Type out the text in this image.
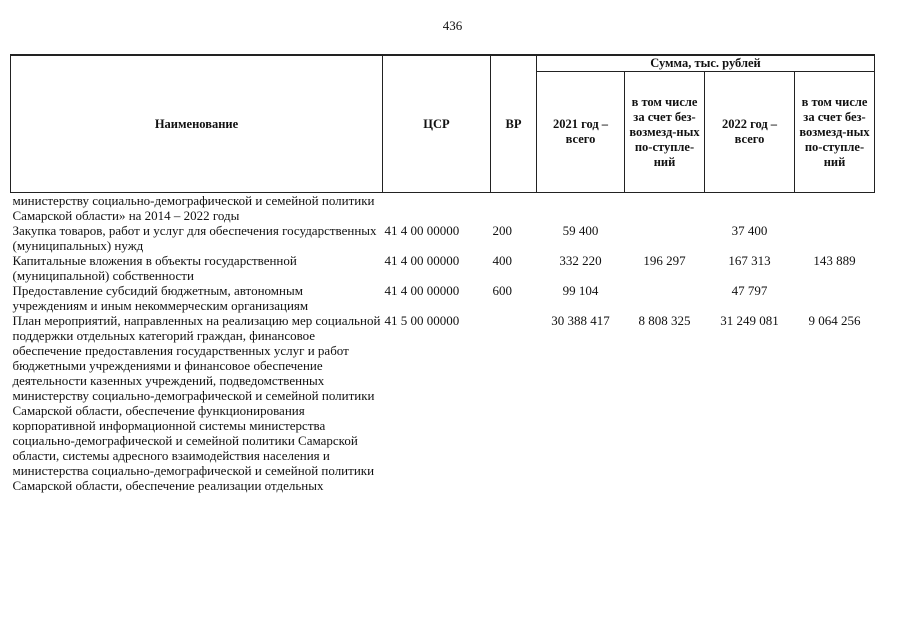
436
Наименование	ЦСР	ВР	Сумма, тыс. рублей			
			2021 год – всего	в том числе за счет без-возмезд-ных по-ступле-ний	2022 год – всего	в том числе за счет без-возмезд-ных по-ступле-ний
министерству социально-демографической и семейной политики Самарской области» на 2014 – 2022 годы						
Закупка товаров, работ и услуг для обеспечения государственных (муниципальных) нужд	41 4 00 00000	200	59 400		37 400	
Капитальные вложения в объекты государственной (муниципальной) собственности	41 4 00 00000	400	332 220	196 297	167 313	143 889
Предоставление субсидий бюджетным, автономным учреждениям и иным некоммерческим организациям	41 4 00 00000	600	99 104		47 797	
План мероприятий, направленных на реализацию мер социальной поддержки отдельных категорий граждан, финансовое обеспечение предоставления государственных услуг и работ бюджетными учреждениями и финансовое обеспечение деятельности казенных учреждений, подведомственных министерству социально-демографической и семейной политики Самарской области, обеспечение функционирования корпоративной информационной системы министерства социально-демографической и семейной политики Самарской области, системы адресного взаимодействия населения и министерства социально-демографической и семейной политики Самарской области, обеспечение реализации отдельных	41 5 00 00000		30 388 417	8 808 325	31 249 081	9 064 256
